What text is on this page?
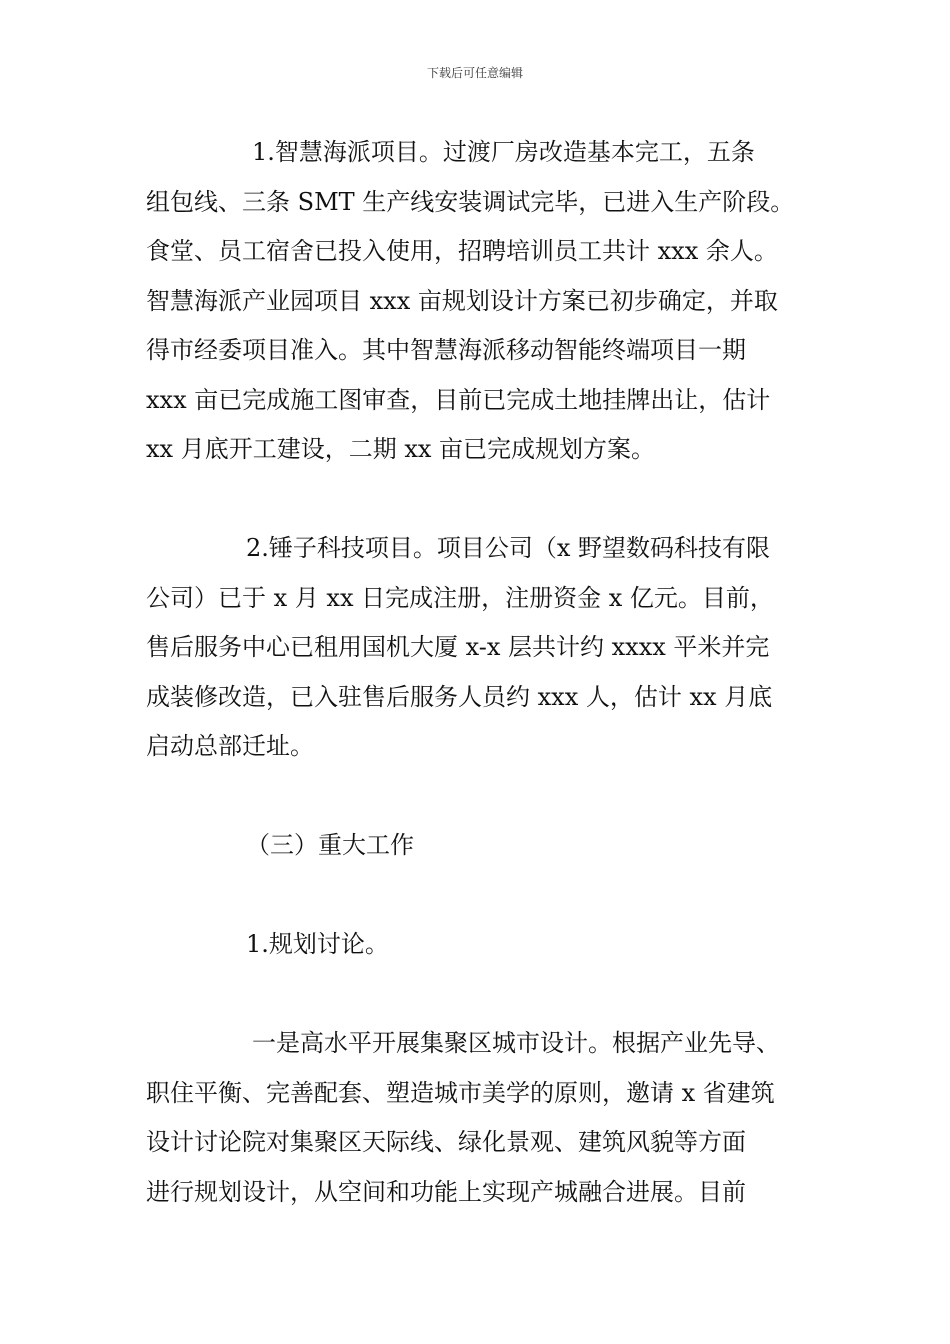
下载后可任意编辑
1.智慧海派项目。过渡厂房改造基本完工，五条
组包线、三条 SMT 生产线安装调试完毕，已进入生产阶段。
食堂、员工宿舍已投入使用，招聘培训员工共计 xxx 余人。
智慧海派产业园项目 xxx 亩规划设计方案已初步确定，并取
得市经委项目准入。其中智慧海派移动智能终端项目一期
xxx 亩已完成施工图审查，目前已完成土地挂牌出让，估计
xx 月底开工建设，二期 xx 亩已完成规划方案。
2.锤子科技项目。项目公司（x 野望数码科技有限
公司）已于 x 月 xx 日完成注册，注册资金 x 亿元。目前，
售后服务中心已租用国机大厦 x-x 层共计约 xxxx 平米并完
成装修改造，已入驻售后服务人员约 xxx 人，估计 xx 月底
启动总部迁址。
（三）重大工作
1.规划讨论。
一是高水平开展集聚区城市设计。根据产业先导、
职住平衡、完善配套、塑造城市美学的原则，邀请 x 省建筑
设计讨论院对集聚区天际线、绿化景观、建筑风貌等方面
进行规划设计，从空间和功能上实现产城融合进展。目前
